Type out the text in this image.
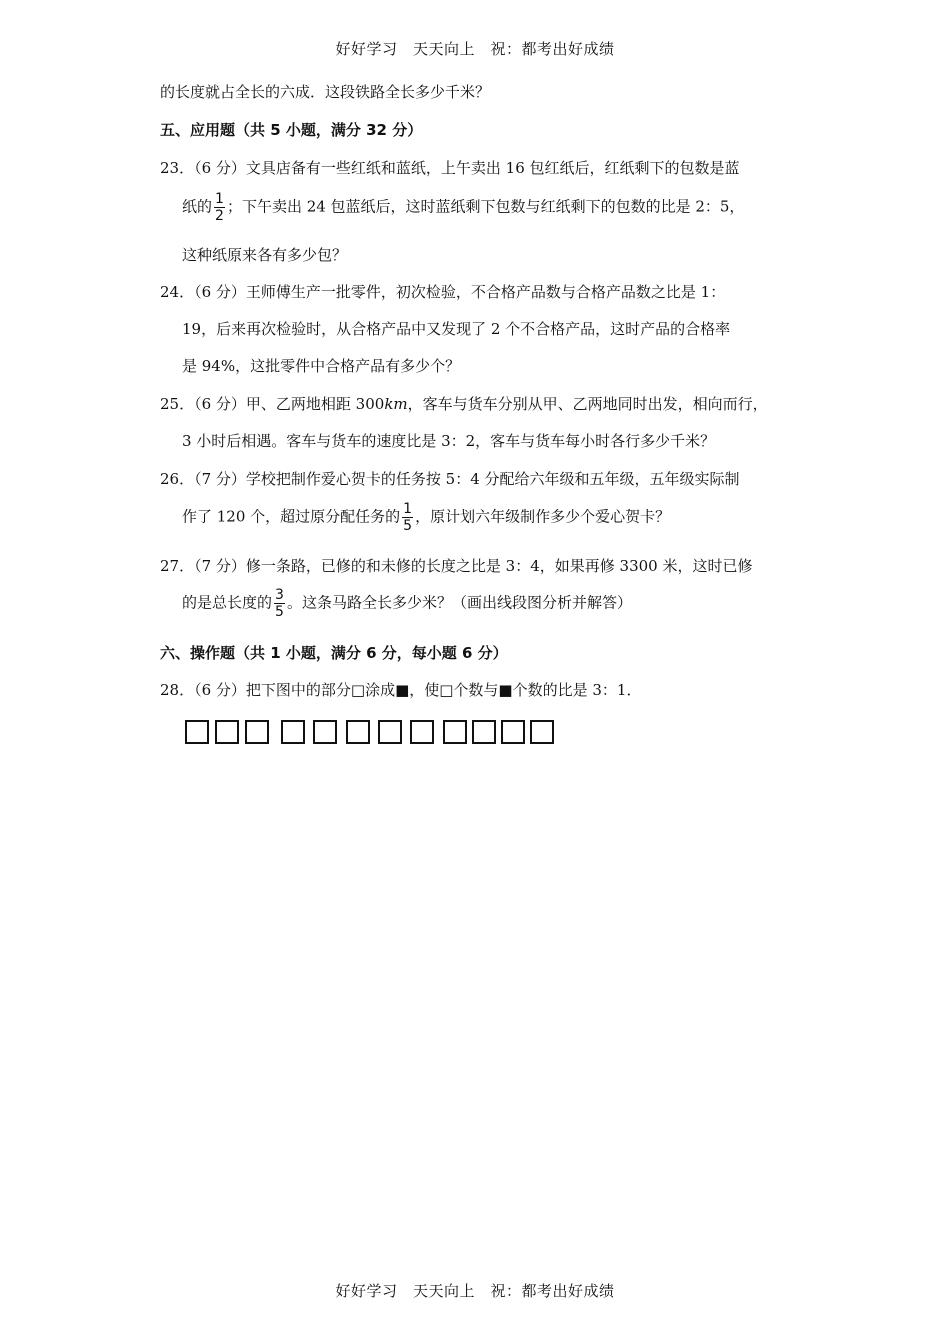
好好学习　天天向上　祝：都考出好成绩
的长度就占全长的六成．这段铁路全长多少千米？
五、应用题（共 5 小题，满分 32 分）
23．（6 分）文具店备有一些红纸和蓝纸，上午卖出 16 包红纸后，红纸剩下的包数是蓝
纸的 $\frac{1}{2}$ ；下午卖出 24 包蓝纸后，这时蓝纸剩下包数与红纸剩下的包数的比是 2：5，
这种纸原来各有多少包？
24．（6 分）王师傅生产一批零件，初次检验，不合格产品数与合格产品数之比是 1：
19，后来再次检验时，从合格产品中又发现了 2 个不合格产品，这时产品的合格率
是 94%，这批零件中合格产品有多少个？
25．（6 分）甲、乙两地相距 300km，客车与货车分别从甲、乙两地同时出发，相向而行，
3 小时后相遇。客车与货车的速度比是 3：2，客车与货车每小时各行多少千米？
26．（7 分）学校把制作爱心贺卡的任务按 5：4 分配给六年级和五年级，五年级实际制
作了 120 个，超过原分配任务的 $\frac{1}{5}$ ，原计划六年级制作多少个爱心贺卡？
27．（7 分）修一条路，已修的和未修的长度之比是 3：4，如果再修 3300 米，这时已修
的是总长度的 $\frac{3}{5}$ 。这条马路全长多少米？（画出线段图分析并解答）
六、操作题（共 1 小题，满分 6 分，每小题 6 分）
28．（6 分）把下图中的部分□涂成■，使□个数与■个数的比是 3：1．
好好学习　天天向上　祝：都考出好成绩
